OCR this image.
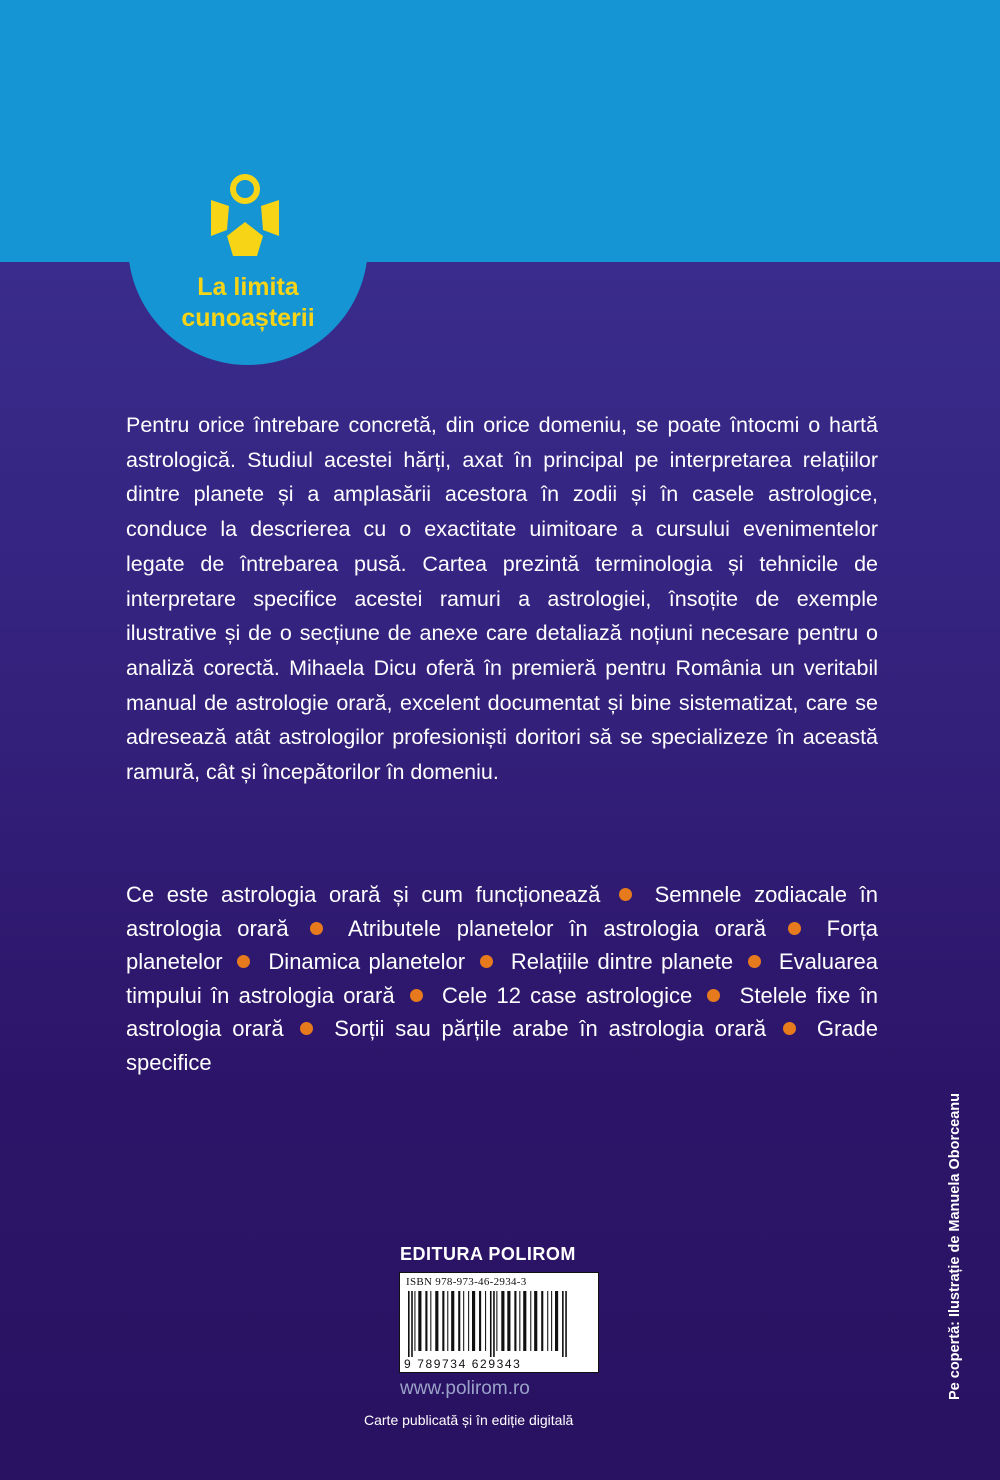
La limita
cunoașterii

Pentru orice întrebare concretă, din orice domeniu, se poate întocmi o hartă astrologică. Studiul acestei hărți, axat în principal pe interpretarea relațiilor dintre planete și a amplasării acestora în zodii și în casele astrologice, conduce la descrierea cu o exactitate uimitoare a cursului evenimentelor legate de întrebarea pusă. Cartea prezintă terminologia și tehnicile de interpretare specifice acestei ramuri a astrologiei, însoțite de exemple ilustrative și de o secțiune de anexe care detaliază noțiuni necesare pentru o analiză corectă. Mihaela Dicu oferă în premieră pentru România un veritabil manual de astrologie orară, excelent documentat și bine sistematizat, care se adresează atât astrologilor profesioniști doritori să se specializeze în această ramură, cât și începătorilor în domeniu.

Ce este astrologia orară și cum funcționează Semnele zodiacale în astrologia orară	Atributele planetelor în astrologia orară	Forța planetelor Dinamica planetelor Relațiile dintre planete Evaluarea timpului în astrologia orară Cele 12 case astrologice Stelele fixe în astrologia orară Sorții sau părțile arabe în astrologia orară Grade specifice

EDITURA POLIROM
ISBN 978-973-46-2934-3
9 789734 629343
www.polirom.ro
Carte publicată și în ediție digitală
Pe copertă: Ilustrație de Manuela Oborceanu
